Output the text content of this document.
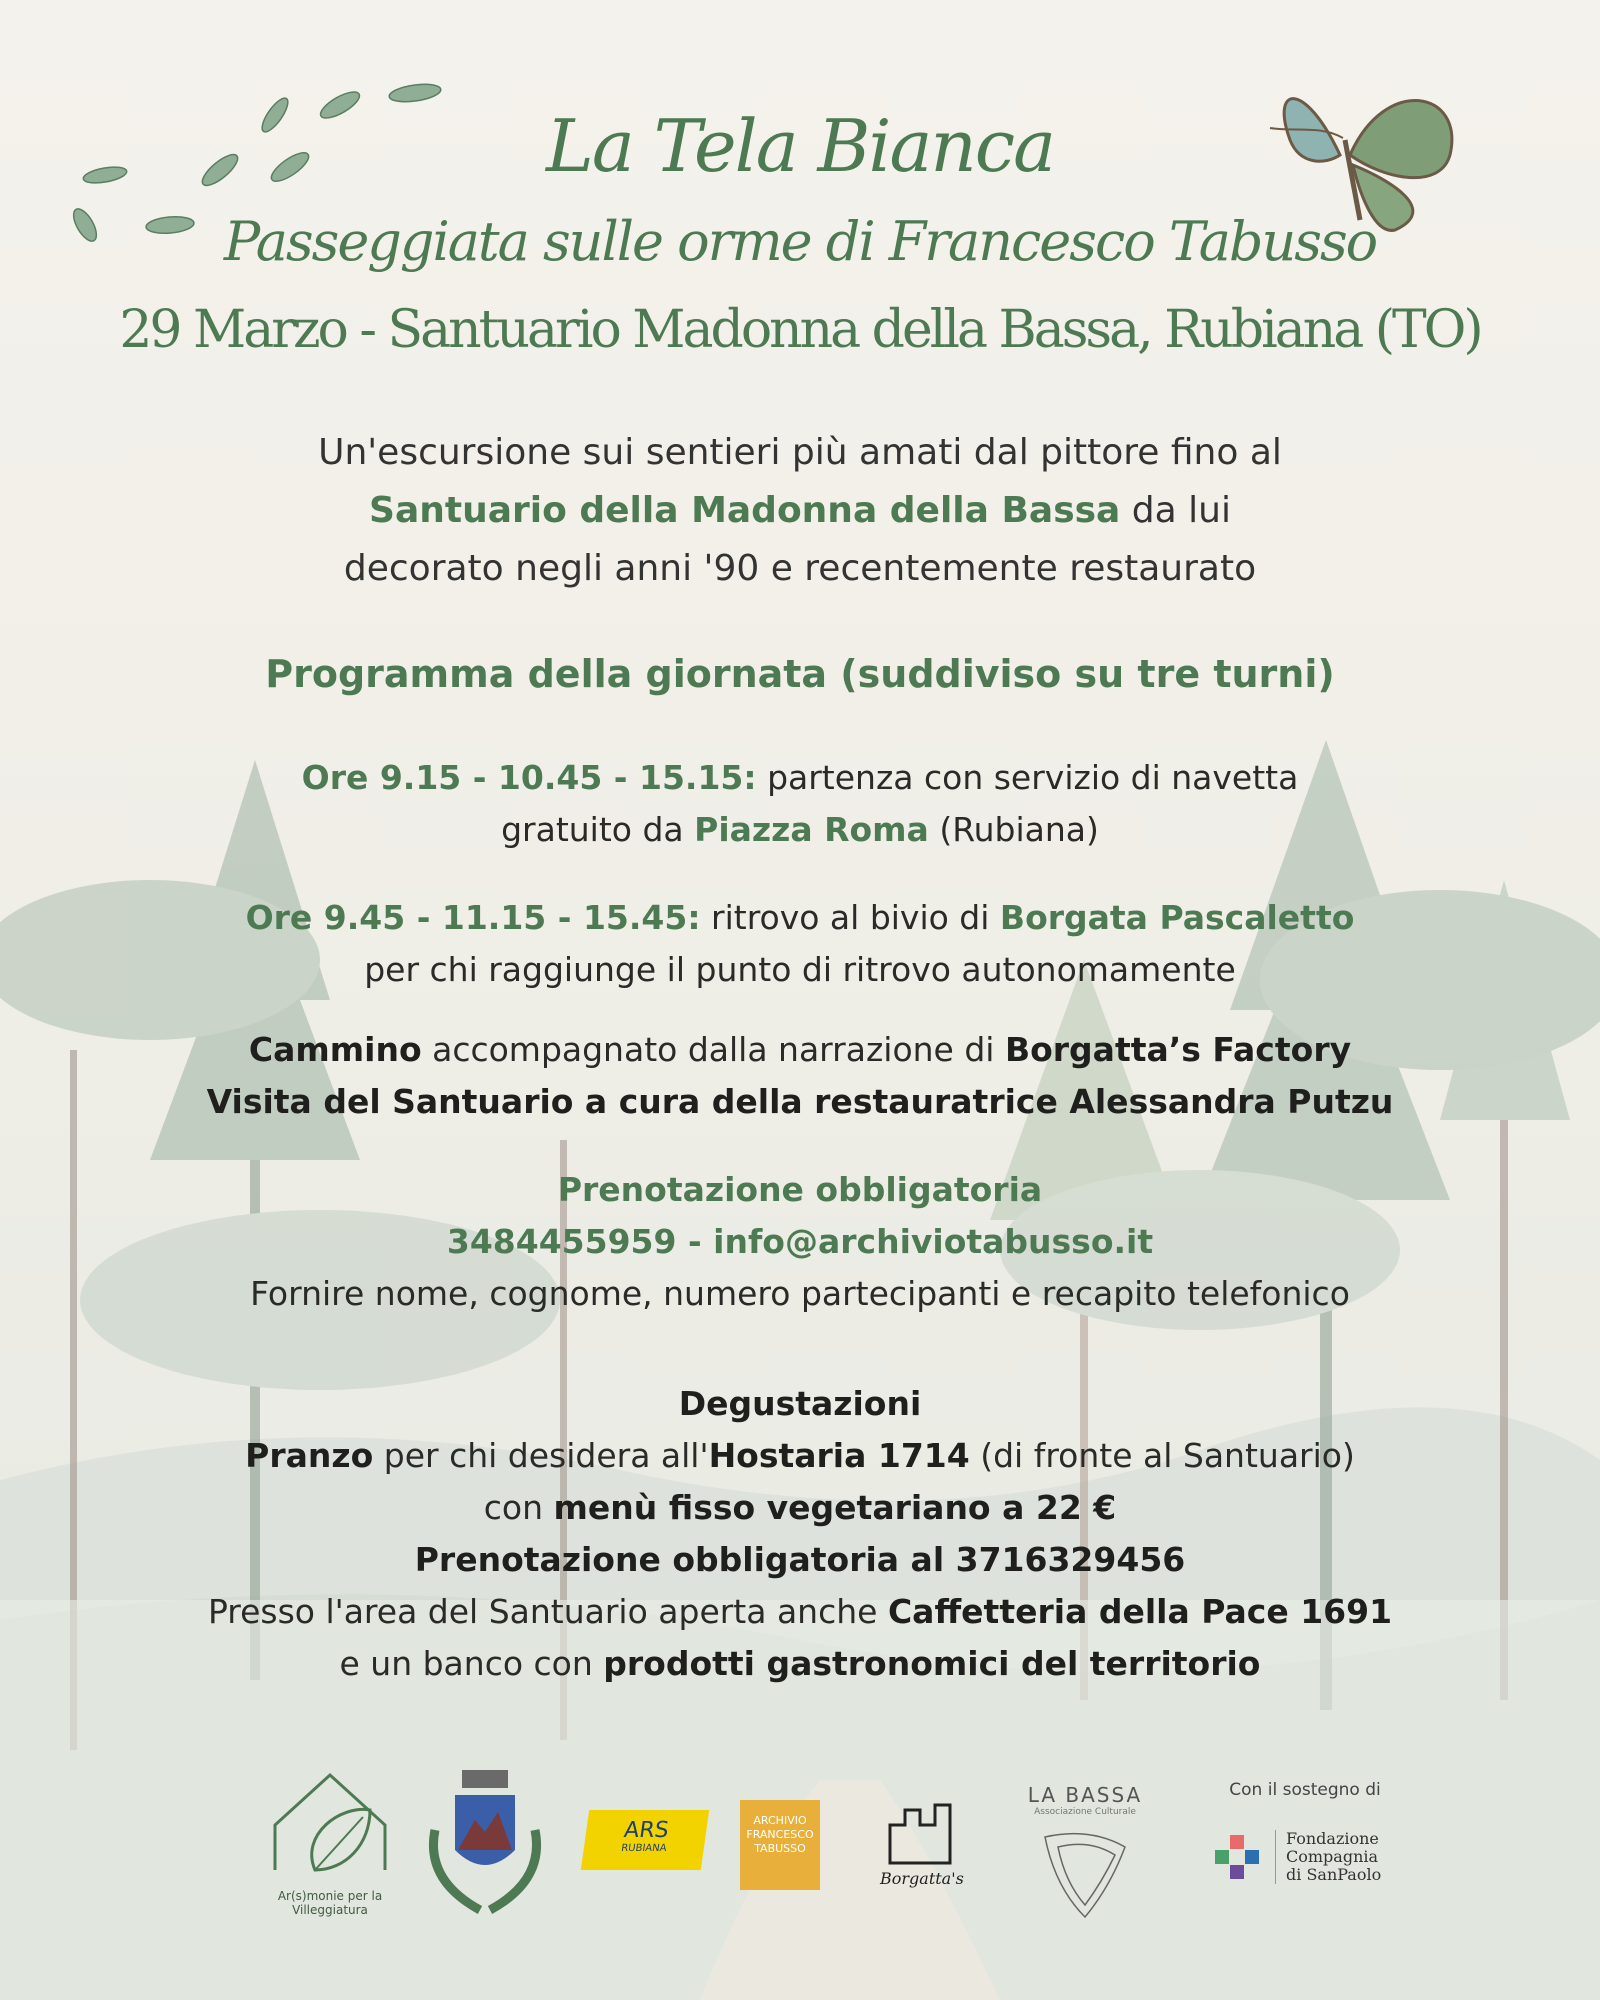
La Tela Bianca
Passeggiata sulle orme di Francesco Tabusso
29 Marzo - Santuario Madonna della Bassa, Rubiana (TO)
Un'escursione sui sentieri più amati dal pittore fino al
Santuario della Madonna della Bassa da lui
decorato negli anni '90 e recentemente restaurato
Programma della giornata (suddiviso su tre turni)
Ore 9.15 - 10.45 - 15.15: partenza con servizio di navetta
gratuito da Piazza Roma (Rubiana)
Ore 9.45 - 11.15 - 15.45: ritrovo al bivio di Borgata Pascaletto
per chi raggiunge il punto di ritrovo autonomamente
Cammino accompagnato dalla narrazione di Borgatta’s Factory
Visita del Santuario a cura della restauratrice Alessandra Putzu
Prenotazione obbligatoria
3484455959 - info@archiviotabusso.it
Fornire nome, cognome, numero partecipanti e recapito telefonico
Degustazioni
Pranzo per chi desidera all'Hostaria 1714 (di fronte al Santuario)
con menù fisso vegetariano a 22 €
Prenotazione obbligatoria al 3716329456
Presso l'area del Santuario aperta anche Caffetteria della Pace 1691
e un banco con prodotti gastronomici del territorio
Ar(s)monie per la Villeggiatura
ARS
RUBIANA
ARCHIVIO
FRANCESCO
TABUSSO
Borgatta's
LA BASSA
Associazione Culturale
Con il sostegno di
Fondazione
Compagnia
di SanPaolo
